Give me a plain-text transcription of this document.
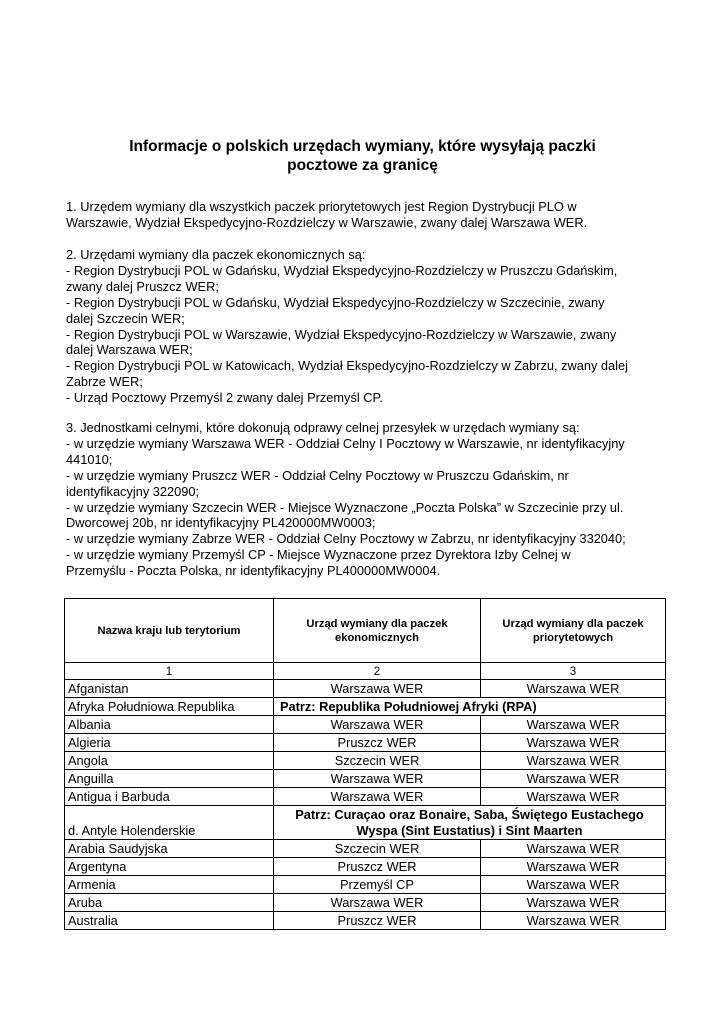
Informacje o polskich urzędach wymiany, które wysyłają paczki
pocztowe za granicę
1. Urzędem wymiany dla wszystkich paczek priorytetowych jest Region Dystrybucji PLO w
Warszawie, Wydział Ekspedycyjno-Rozdzielczy w Warszawie, zwany dalej Warszawa WER.
2. Urzędami wymiany dla paczek ekonomicznych są:
- Region Dystrybucji POL w Gdańsku, Wydział Ekspedycyjno-Rozdzielczy w Pruszczu Gdańskim,
zwany dalej Pruszcz WER;
- Region Dystrybucji POL w Gdańsku, Wydział Ekspedycyjno-Rozdzielczy w Szczecinie, zwany
dalej Szczecin WER;
- Region Dystrybucji POL w Warszawie, Wydział Ekspedycyjno-Rozdzielczy w Warszawie, zwany
dalej Warszawa WER;
- Region Dystrybucji POL w Katowicach, Wydział Ekspedycyjno-Rozdzielczy w Zabrzu, zwany dalej
Zabrze WER;
- Urząd Pocztowy Przemyśl 2 zwany dalej Przemyśl CP.
3. Jednostkami celnymi, które dokonują odprawy celnej przesyłek w urzędach wymiany są:
- w urzędzie wymiany Warszawa WER - Oddział Celny I Pocztowy w Warszawie, nr identyfikacyjny
441010;
- w urzędzie wymiany Pruszcz WER - Oddział Celny Pocztowy w Pruszczu Gdańskim, nr
identyfikacyjny 322090;
- w urzędzie wymiany Szczecin WER - Miejsce Wyznaczone „Poczta Polska” w Szczecinie przy ul.
Dworcowej 20b, nr identyfikacyjny PL420000MW0003;
- w urzędzie wymiany Zabrze WER - Oddział Celny Pocztowy w Zabrzu, nr identyfikacyjny 332040;
- w urzędzie wymiany Przemyśl CP - Miejsce Wyznaczone przez Dyrektora Izby Celnej w
Przemyślu - Poczta Polska, nr identyfikacyjny PL400000MW0004.
Nazwa kraju lub terytorium	Urząd wymiany dla paczek ekonomicznych	Urząd wymiany dla paczek priorytetowych
1	2	3
Afganistan	Warszawa WER	Warszawa WER
Afryka Południowa Republika	Patrz: Republika Południowej Afryki (RPA)	
Albania	Warszawa WER	Warszawa WER
Algieria	Pruszcz WER	Warszawa WER
Angola	Szczecin WER	Warszawa WER
Anguilla	Warszawa WER	Warszawa WER
Antigua i Barbuda	Warszawa WER	Warszawa WER
d. Antyle Holenderskie	Patrz: Curaçao oraz Bonaire, Saba, Świętego Eustachego
Wyspa (Sint Eustatius) i Sint Maarten	

Arabia Saudyjska	Szczecin WER	Warszawa WER
Argentyna	Pruszcz WER	Warszawa WER
Armenia	Przemyśl CP	Warszawa WER
Aruba	Warszawa WER	Warszawa WER
Australia	Pruszcz WER	Warszawa WER
